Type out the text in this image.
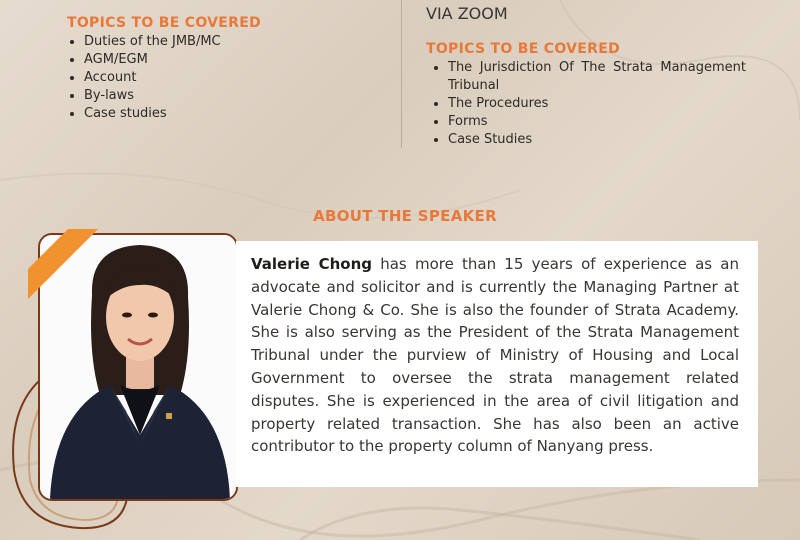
TOPICS TO BE COVERED
• Duties of the JMB/MC
• AGM/EGM
• Account
• By-laws
• Case studies
VIA ZOOM
TOPICS TO BE COVERED
• The Jurisdiction Of The Strata Management Tribunal
• The Procedures
• Forms
• Case Studies
ABOUT THE SPEAKER
Valerie Chong has more than 15 years of experience as an advocate and solicitor and is currently the Managing Partner at Valerie Chong & Co. She is also the founder of Strata Academy. She is also serving as the President of the Strata Management Tribunal under the purview of Ministry of Housing and Local Government to oversee the strata management related disputes. She is experienced in the area of civil litigation and property related transaction. She has also been an active contributor to the property column of Nanyang press.
